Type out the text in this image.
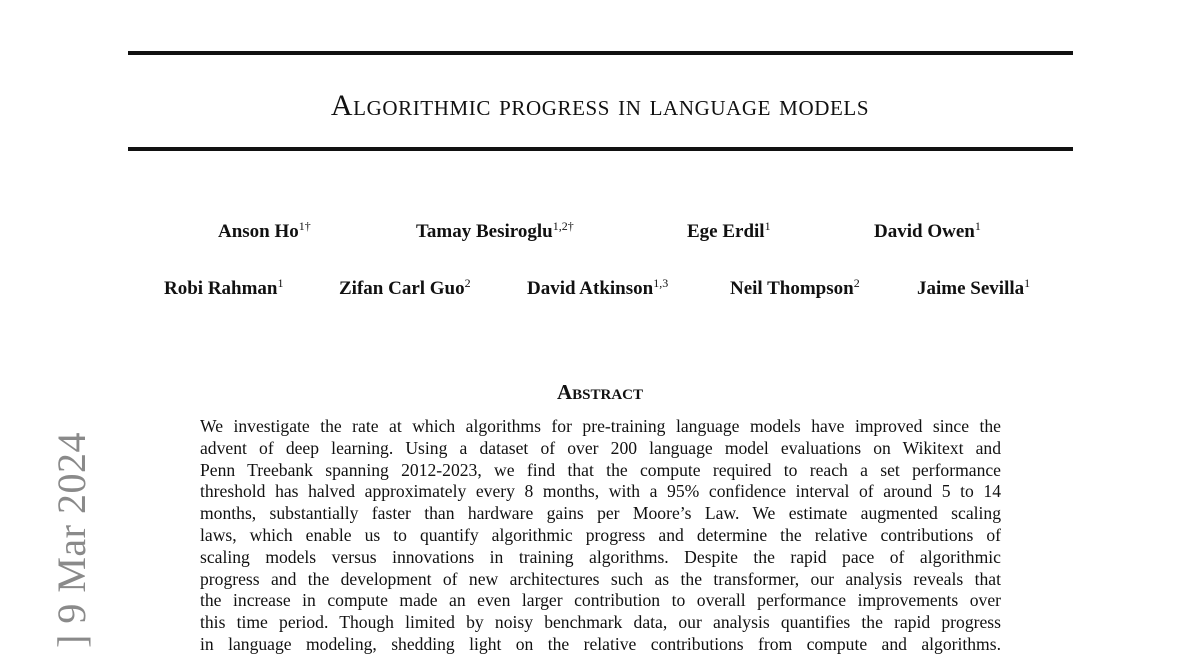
Algorithmic progress in language models
Anson $Ho^{1\dagger}$	Tamay Besiroglu$^{1,2\dagger}$	Ege Erdil$^1$	David Owen$^1$
Robi Rahman$^1$	Zifan Carl Guo$^2$	David Atkinson$^{1,3}$	Neil Thompson$^2$	Jaime Sevilla$^1$
Abstract
We investigate the rate at which algorithms for pre-training language models have improved since the
advent of deep learning. Using a dataset of over 200 language model evaluations on Wikitext and
Penn Treebank spanning 2012-2023, we find that the compute required to reach a set performance
threshold has halved approximately every 8 months, with a 95% confidence interval of around 5 to 14
months, substantially faster than hardware gains per Moore’s Law. We estimate augmented scaling
laws, which enable us to quantify algorithmic progress and determine the relative contributions of
scaling models versus innovations in training algorithms. Despite the rapid pace of algorithmic
progress and the development of new architectures such as the transformer, our analysis reveals that
the increase in compute made an even larger contribution to overall performance improvements over
this time period. Though limited by noisy benchmark data, our analysis quantifies the rapid progress
in language modeling, shedding light on the relative contributions from compute and algorithms.
] 9 Mar 2024
